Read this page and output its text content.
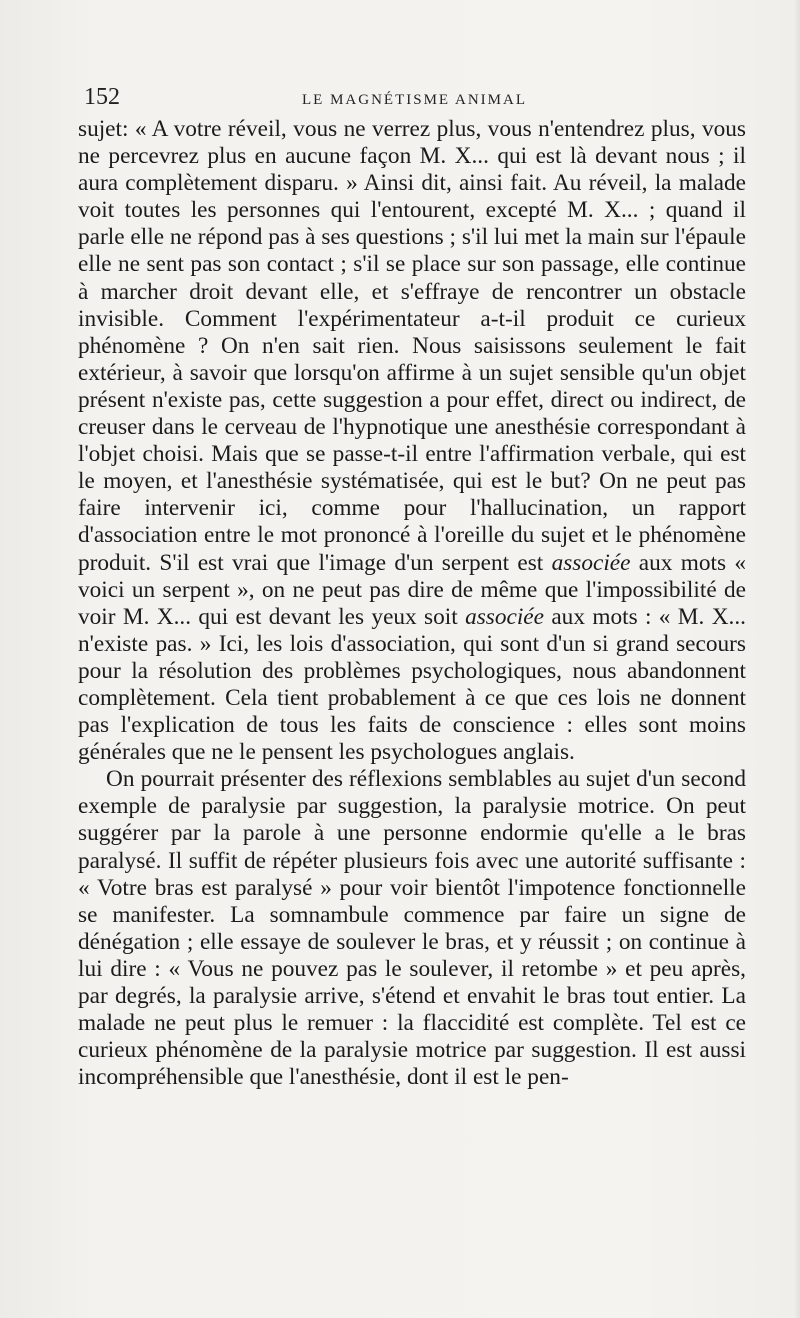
152	LE MAGNÉTISME ANIMAL

sujet: « A votre réveil, vous ne verrez plus, vous n'entendrez plus, vous ne percevrez plus en aucune façon M. X... qui est là devant nous ; il aura complètement disparu. » Ainsi dit, ainsi fait. Au réveil, la malade voit toutes les personnes qui l'entourent, excepté M. X... ; quand il parle elle ne répond pas à ses questions ; s'il lui met la main sur l'épaule elle ne sent pas son contact ; s'il se place sur son passage, elle continue à marcher droit devant elle, et s'effraye de rencontrer un obstacle invisible. Comment l'expérimentateur a-t-il produit ce curieux phénomène ? On n'en sait rien. Nous saisissons seulement le fait extérieur, à savoir que lorsqu'on affirme à un sujet sensible qu'un objet présent n'existe pas, cette suggestion a pour effet, direct ou indirect, de creuser dans le cerveau de l'hypnotique une anesthésie correspondant à l'objet choisi. Mais que se passe-t-il entre l'affirmation verbale, qui est le moyen, et l'anesthésie systématisée, qui est le but? On ne peut pas faire intervenir ici, comme pour l'hallucination, un rapport d'association entre le mot prononcé à l'oreille du sujet et le phénomène produit. S'il est vrai que l'image d'un serpent est associée aux mots « voici un serpent », on ne peut pas dire de même que l'impossibilité de voir M. X... qui est devant les yeux soit associée aux mots : « M. X... n'existe pas. » Ici, les lois d'association, qui sont d'un si grand secours pour la résolution des problèmes psychologiques, nous abandonnent complètement. Cela tient probablement à ce que ces lois ne donnent pas l'explication de tous les faits de conscience : elles sont moins générales que ne le pensent les psychologues anglais.

On pourrait présenter des réflexions semblables au sujet d'un second exemple de paralysie par suggestion, la paralysie motrice. On peut suggérer par la parole à une personne endormie qu'elle a le bras paralysé. Il suffit de répéter plusieurs fois avec une autorité suffisante : « Votre bras est paralysé » pour voir bientôt l'impotence fonctionnelle se manifester. La somnambule commence par faire un signe de dénégation ; elle essaye de soulever le bras, et y réussit ; on continue à lui dire : « Vous ne pouvez pas le soulever, il retombe » et peu après, par degrés, la paralysie arrive, s'étend et envahit le bras tout entier. La malade ne peut plus le remuer : la flaccidité est complète. Tel est ce curieux phénomène de la paralysie motrice par suggestion. Il est aussi incompréhensible que l'anesthésie, dont il est le pen-
